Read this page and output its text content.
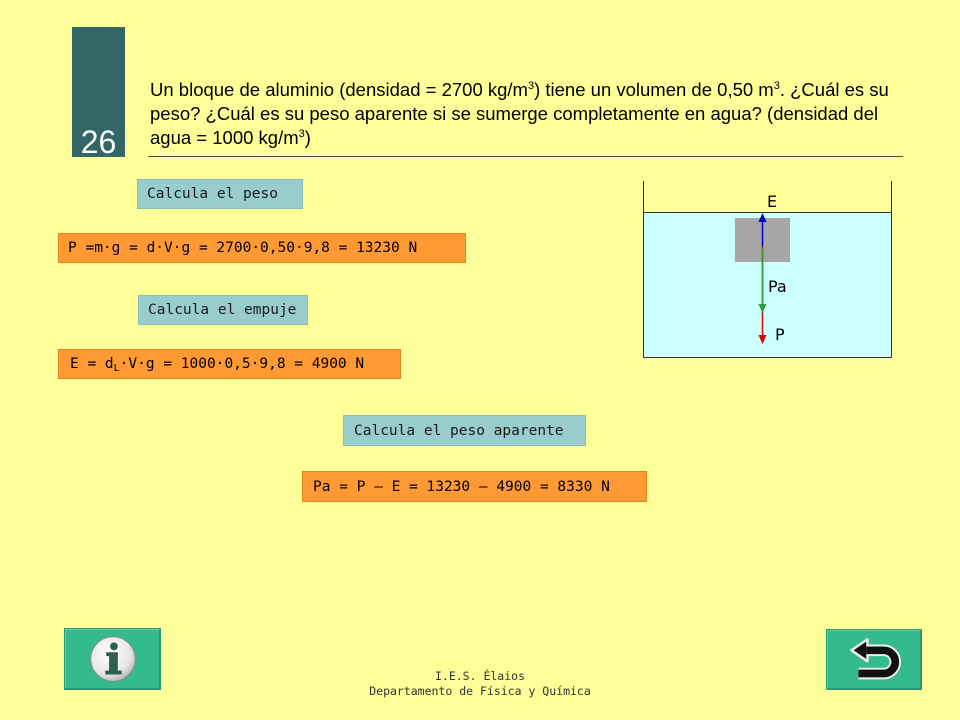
26
Un bloque de aluminio (densidad = 2700 $kg/m^3$) tiene un volumen de 0,50 $m^3$. ¿Cuál es su
peso? ¿Cuál es su peso aparente si se sumerge completamente en agua? (densidad del
agua = 1000 $kg/m^3$)
Calcula el peso
P =m·g = d·V·g = 2700·0,50·9,8 = 13230 N
Calcula el empuje
$E = d_L\cdot V\cdot g = 1000\cdot 0,5\cdot 9,8 = 4900$ N
Calcula el peso aparente
Pa = P – E = 13230 – 4900 = 8330 N
E
Pa
P
I.E.S. Élaios
Departamento de Física y Química
